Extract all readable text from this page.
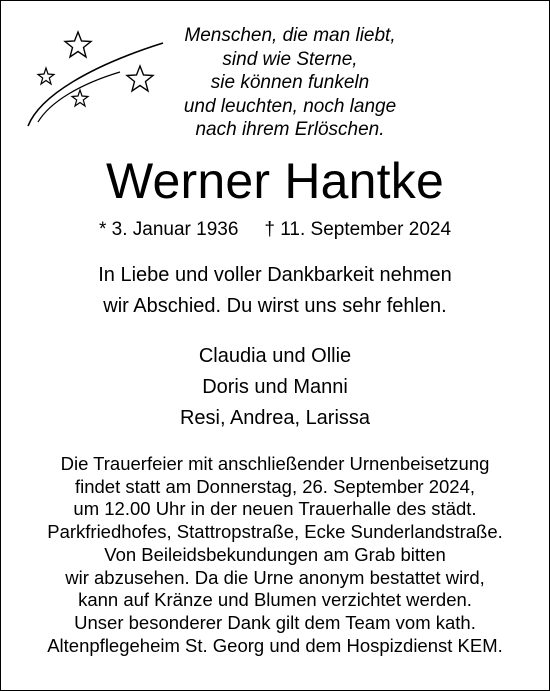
Menschen, die man liebt,
sind wie Sterne,
sie können funkeln
und leuchten, noch lange
nach ihrem Erlöschen.
Werner Hantke
* 3. Januar 1936 † 11. September 2024
In Liebe und voller Dankbarkeit nehmen
wir Abschied. Du wirst uns sehr fehlen.
Claudia und Ollie
Doris und Manni
Resi, Andrea, Larissa
Die Trauerfeier mit anschließender Urnenbeisetzung
findet statt am Donnerstag, 26. September 2024,
um 12.00 Uhr in der neuen Trauerhalle des städt.
Parkfriedhofes, Stattropstraße, Ecke Sunderlandstraße.
Von Beileidsbekundungen am Grab bitten
wir abzusehen. Da die Urne anonym bestattet wird,
kann auf Kränze und Blumen verzichtet werden.
Unser besonderer Dank gilt dem Team vom kath.
Altenpflegeheim St. Georg und dem Hospizdienst KEM.
